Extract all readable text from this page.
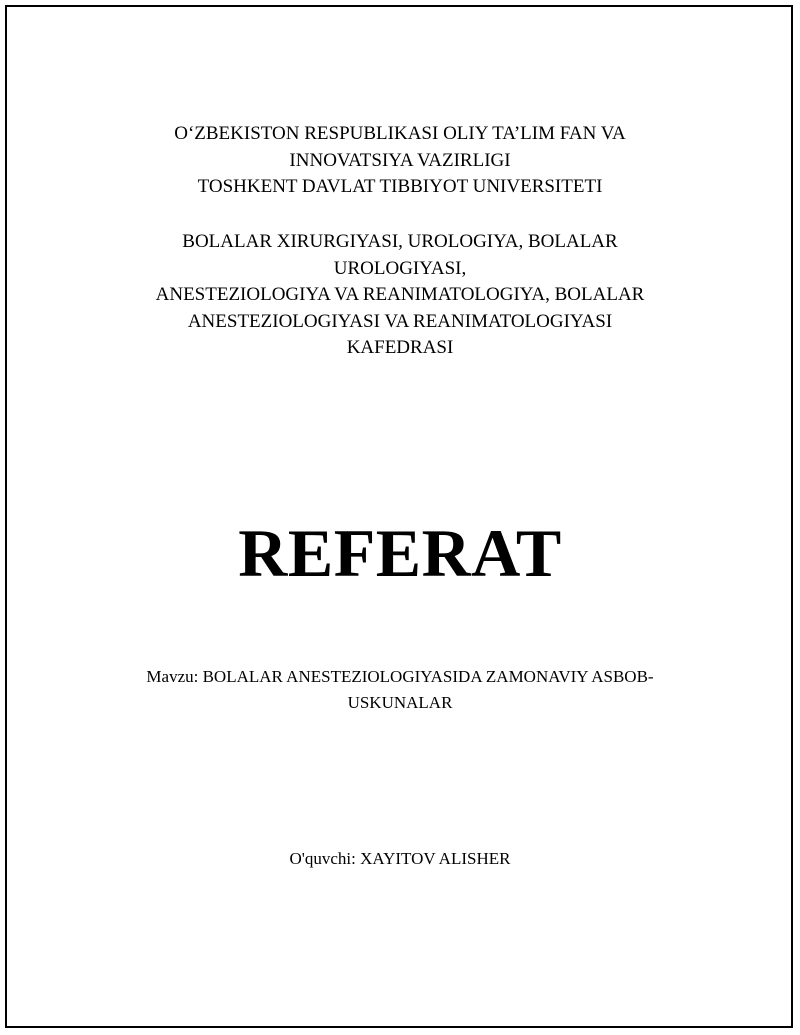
O‘ZBEKISTON RESPUBLIKASI OLIY TA’LIM FAN VA
INNOVATSIYA VAZIRLIGI
TOSHKENT DAVLAT TIBBIYOT UNIVERSITETI
BOLALAR XIRURGIYASI, UROLOGIYA, BOLALAR
UROLOGIYASI,
ANESTEZIOLOGIYA VA REANIMATOLOGIYA, BOLALAR
ANESTEZIOLOGIYASI VA REANIMATOLOGIYASI
KAFEDRASI
REFERAT
Mavzu: BOLALAR ANESTEZIOLOGIYASIDA ZAMONAVIY ASBOB-
USKUNALAR
O'quvchi: XAYITOV ALISHER
